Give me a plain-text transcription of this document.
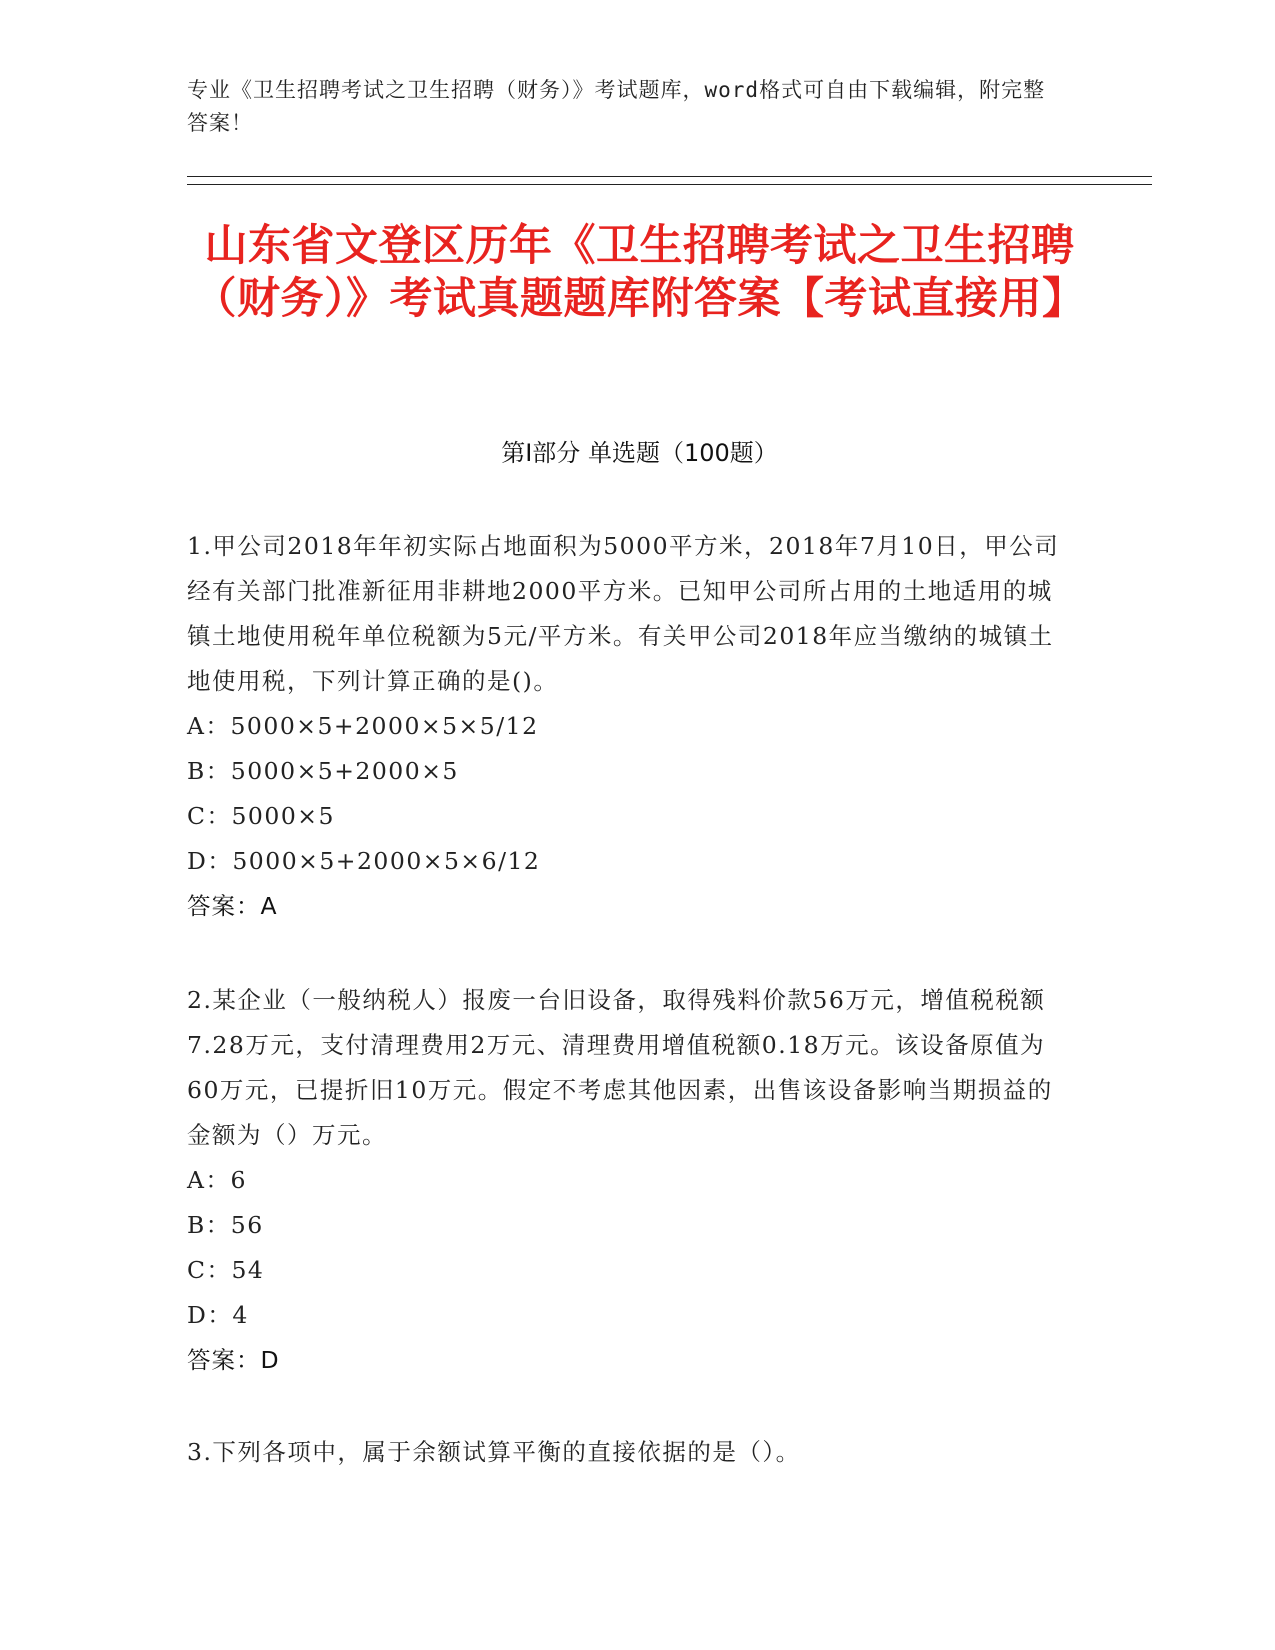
专业《卫生招聘考试之卫生招聘（财务）》考试题库，word格式可自由下载编辑，附完整答案！
山东省文登区历年《卫生招聘考试之卫生招聘（财务）》考试真题题库附答案【考试直接用】
第I部分 单选题（100题）

1.甲公司2018年年初实际占地面积为5000平方米，2018年7月10日，甲公司经有关部门批准新征用非耕地2000平方米。已知甲公司所占用的土地适用的城镇土地使用税年单位税额为5元/平方米。有关甲公司2018年应当缴纳的城镇土地使用税，下列计算正确的是()。

A：5000×5+2000×5×5/12

B：5000×5+2000×5

C：5000×5

D：5000×5+2000×5×6/12

答案：A

2.某企业（一般纳税人）报废一台旧设备，取得残料价款56万元，增值税税额7.28万元，支付清理费用2万元、清理费用增值税额0.18万元。该设备原值为60万元，已提折旧10万元。假定不考虑其他因素，出售该设备影响当期损益的金额为（）万元。

A：6

B：56

C：54

D：4

答案：D

3.下列各项中，属于余额试算平衡的直接依据的是（）。
